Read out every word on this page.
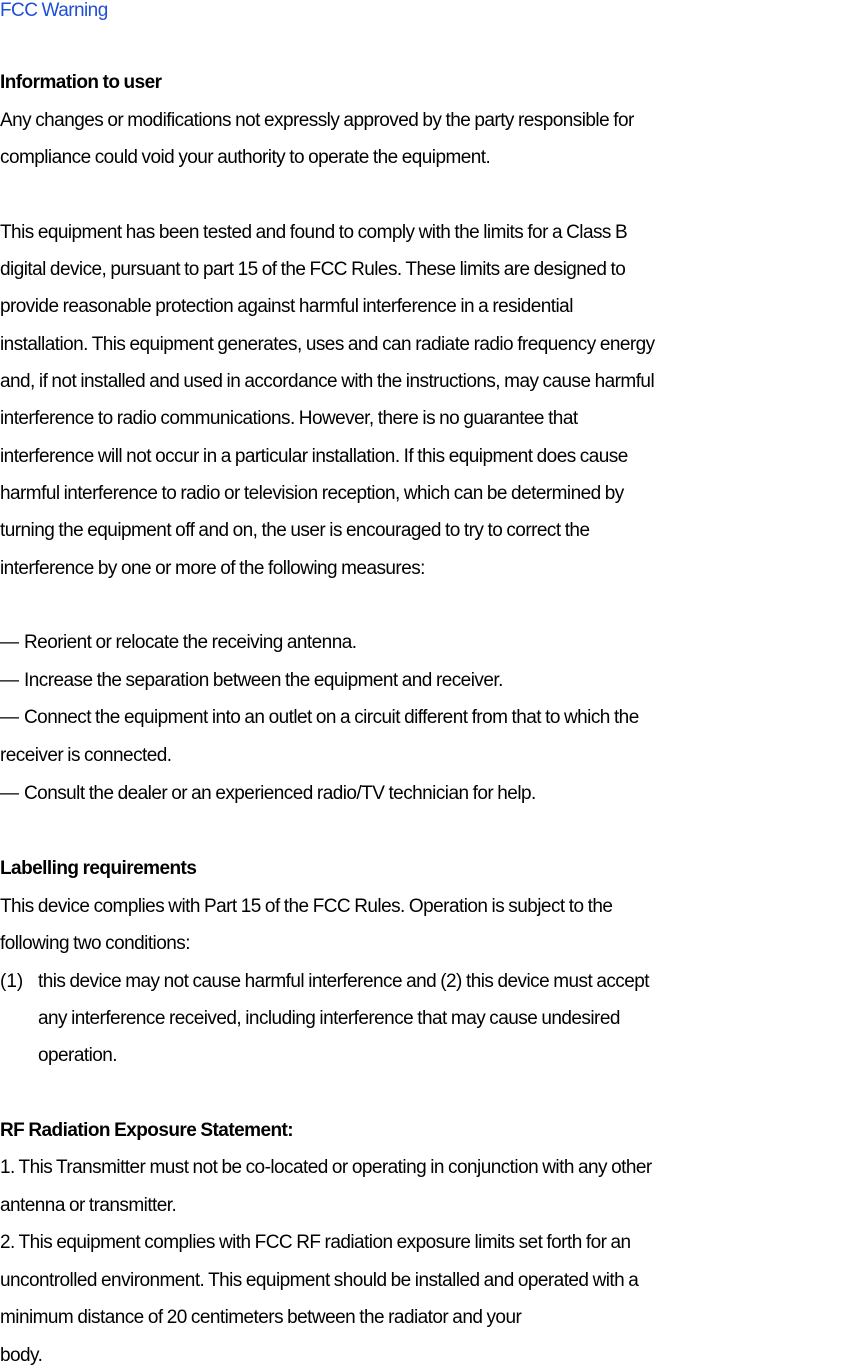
FCC Warning
Information to user
Any changes or modifications not expressly approved by the party responsible for
compliance could void your authority to operate the equipment.
This equipment has been tested and found to comply with the limits for a Class B
digital device, pursuant to part 15 of the FCC Rules. These limits are designed to
provide reasonable protection against harmful interference in a residential
installation. This equipment generates, uses and can radiate radio frequency energy
and, if not installed and used in accordance with the instructions, may cause harmful
interference to radio communications. However, there is no guarantee that
interference will not occur in a particular installation. If this equipment does cause
harmful interference to radio or television reception, which can be determined by
turning the equipment off and on, the user is encouraged to try to correct the
interference by one or more of the following measures:
— Reorient or relocate the receiving antenna.
— Increase the separation between the equipment and receiver.
— Connect the equipment into an outlet on a circuit different from that to which the
receiver is connected.
— Consult the dealer or an experienced radio/TV technician for help.
Labelling requirements
This device complies with Part 15 of the FCC Rules. Operation is subject to the
following two conditions:
(1) this device may not cause harmful interference and (2) this device must accept
any interference received, including interference that may cause undesired
operation.
RF Radiation Exposure Statement:
1. This Transmitter must not be co-located or operating in conjunction with any other
antenna or transmitter.
2. This equipment complies with FCC RF radiation exposure limits set forth for an
uncontrolled environment. This equipment should be installed and operated with a
minimum distance of 20 centimeters between the radiator and your
body.
